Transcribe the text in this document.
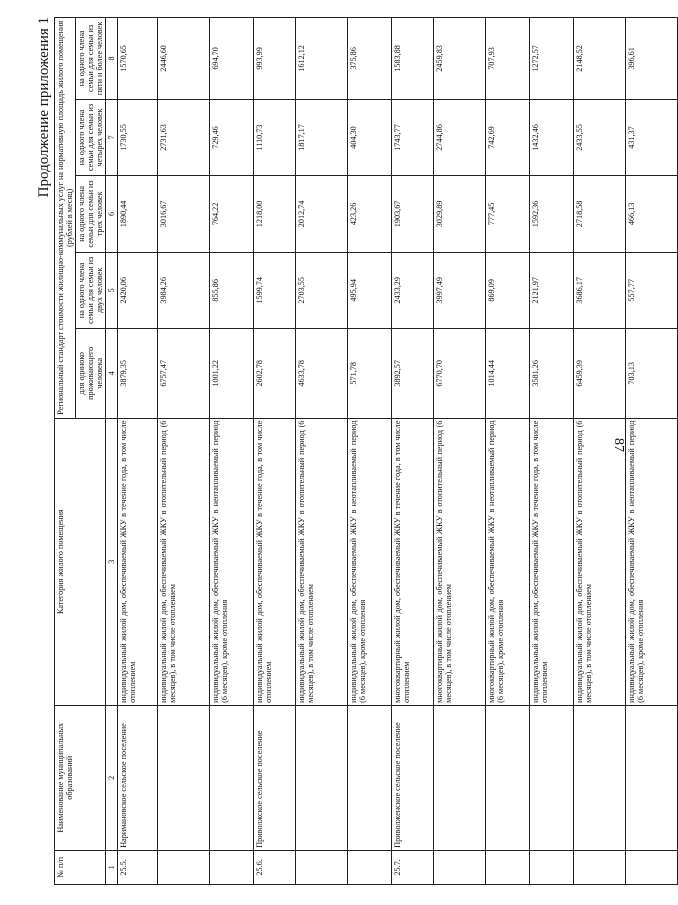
87
Продолжение приложения 1
№ п/п	Наименование муниципальных образований	Категория жилого помещения	Региональный стандарт стоимости жилищно-коммунальных услуг на нормативную площадь жилого помещения (рублей в месяц)				
			для одиноко проживающего человека	на одного члена семьи для семьи из двух человек	на одного члена семьи для семьи из трех человек	на одного члена семьи для семьи из четырех человек	на одного члена семьи для семьи из пяти и более человек
1	2	3	4	5	6	7	8
25.5.	Наримановское сельское поселение	индивидуальный жилой дом, обеспечиваемый ЖКУ в течение года, в том числе отоплением	3879,35	2420,06	1890,44	1730,55	1570,65
		индивидуальный жилой дом, обеспечиваемый ЖКУ в отопительный период (6 месяцев), в том числе отоплением	6757,47	3984,26	3016,67	2731,63	2446,60
		индивидуальный жилой дом, обеспечиваемый ЖКУ в неотапливаемый период (6 месяцев), кроме отопления	1001,22	855,86	764,22	729,46	694,70
25.6.	Приволжское сельское поселение	индивидуальный жилой дом, обеспечиваемый ЖКУ в течение года, в том числе отоплением	2602,78	1599,74	1218,00	1110,73	993,99
		индивидуальный жилой дом, обеспечиваемый ЖКУ в отопительный период (6 месяцев), в том числе отоплением	4633,78	2703,55	2012,74	1817,17	1612,12
		индивидуальный жилой дом, обеспечиваемый ЖКУ в неотапливаемый период (6 месяцев), кроме отопления	571,78	495,94	423,26	404,30	375,86
25.7.	Приволженское сельское поселение	многоквартирный жилой дом, обеспечиваемый ЖКУ в течение года, в том числе отоплением	3892,57	2433,29	1903,67	1743,77	1583,88
		многоквартирный жилой дом, обеспечиваемый ЖКУ в отопительный период (6 месяцев), в том числе отоплением	6770,70	3997,49	3029,89	2744,86	2459,83
		многоквартирный жилой дом, обеспечиваемый ЖКУ в неотапливаемый период (6 месяцев), кроме отопления	1014,44	869,09	777,45	742,69	707,93
		индивидуальный жилой дом, обеспечиваемый ЖКУ в течение года, в том числе отоплением	3581,26	2121,97	1592,36	1432,46	1272,57
		индивидуальный жилой дом, обеспечиваемый ЖКУ в отопительный период (6 месяцев), в том числе отоплением	6459,39	3686,17	2718,58	2433,55	2148,52
		индивидуальный жилой дом, обеспечиваемый ЖКУ в неотапливаемый период (6 месяцев), кроме отопления	703,13	557,77	466,13	431,37	396,61
